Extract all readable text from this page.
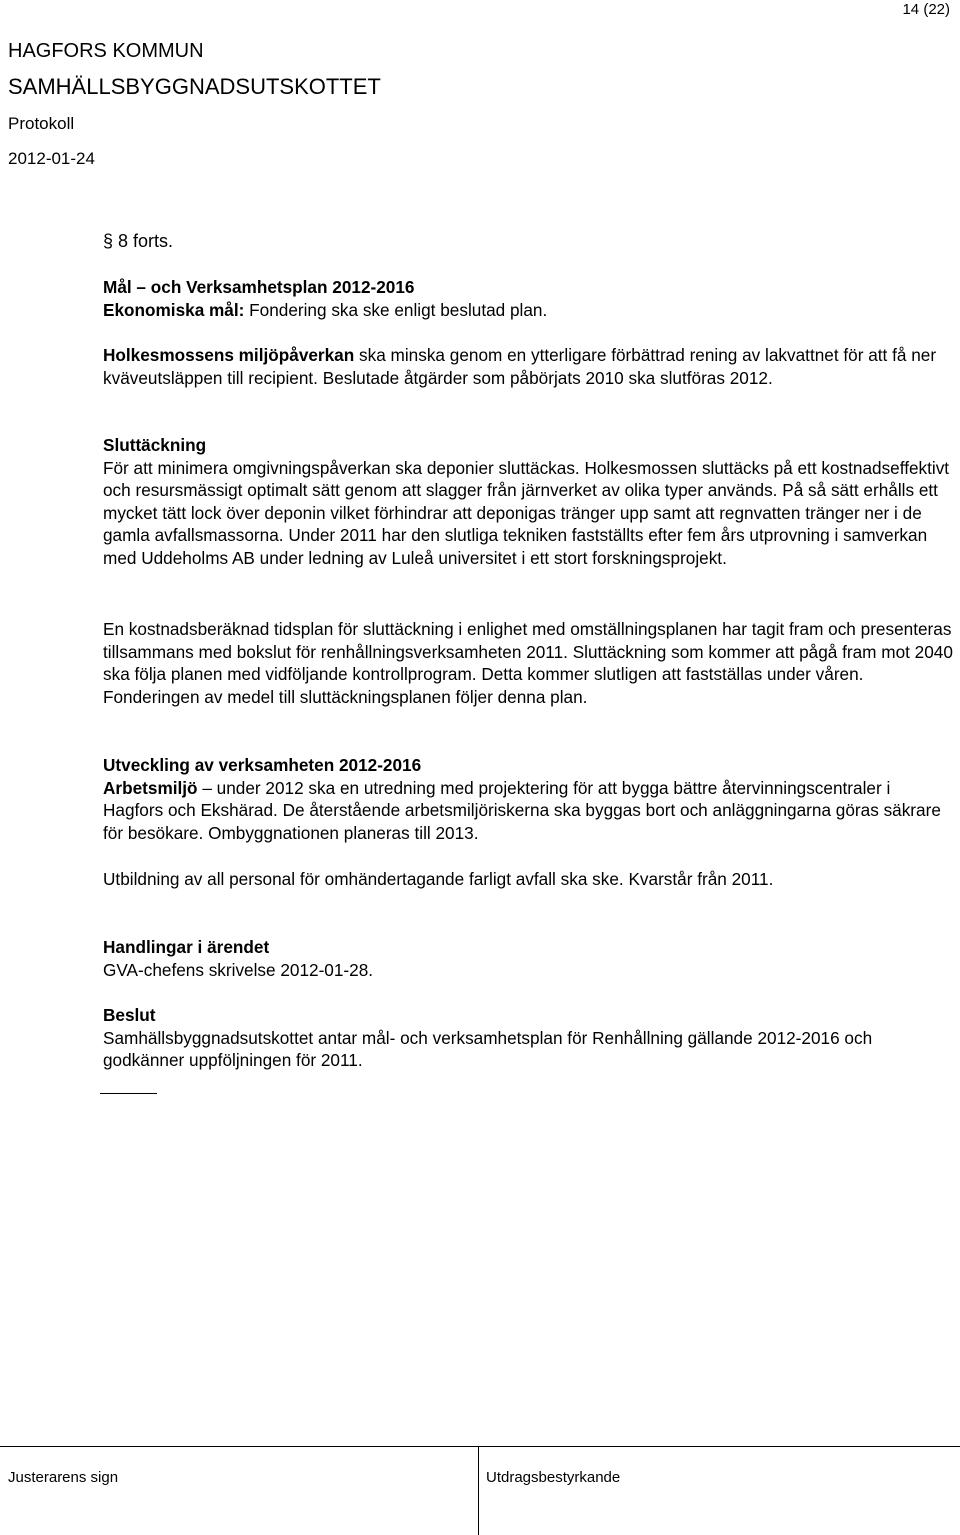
14 (22)
HAGFORS KOMMUN
SAMHÄLLSBYGGNADSUTSKOTTET
Protokoll
2012-01-24
§ 8 forts.

Mål – och Verksamhetsplan 2012-2016

Ekonomiska mål: Fondering ska ske enligt beslutad plan.

Holkesmossens miljöpåverkan ska minska genom en ytterligare förbättrad rening av lakvattnet för att få ner kväveutsläppen till recipient. Beslutade åtgärder som påbörjats 2010 ska slutföras 2012.

Sluttäckning

För att minimera omgivningspåverkan ska deponier sluttäckas. Holkesmossen sluttäcks på ett kostnadseffektivt och resursmässigt optimalt sätt genom att slagger från järnverket av olika typer används. På så sätt erhålls ett mycket tätt lock över deponin vilket förhindrar att deponigas tränger upp samt att regnvatten tränger ner i de gamla avfallsmassorna. Under 2011 har den slutliga tekniken fastställts efter fem års utprovning i samverkan med Uddeholms AB under ledning av Luleå universitet i ett stort forskningsprojekt.

En kostnadsberäknad tidsplan för sluttäckning i enlighet med omställningsplanen har tagit fram och presenteras tillsammans med bokslut för renhållningsverksamheten 2011. Sluttäckning som kommer att pågå fram mot 2040 ska följa planen med vidföljande kontrollprogram. Detta kommer slutligen att fastställas under våren. Fonderingen av medel till sluttäckningsplanen följer denna plan.

Utveckling av verksamheten 2012-2016

Arbetsmiljö – under 2012 ska en utredning med projektering för att bygga bättre återvinningscentraler i Hagfors och Ekshärad. De återstående arbetsmiljöriskerna ska byggas bort och anläggningarna göras säkrare för besökare. Ombyggnationen planeras till 2013.

Utbildning av all personal för omhändertagande farligt avfall ska ske. Kvarstår från 2011.

Handlingar i ärendet

GVA-chefens skrivelse 2012-01-28.

Beslut

Samhällsbyggnadsutskottet antar mål- och verksamhetsplan för Renhållning gällande 2012-2016 och godkänner uppföljningen för 2011.

Justerarens sign	Utdragsbestyrkande
